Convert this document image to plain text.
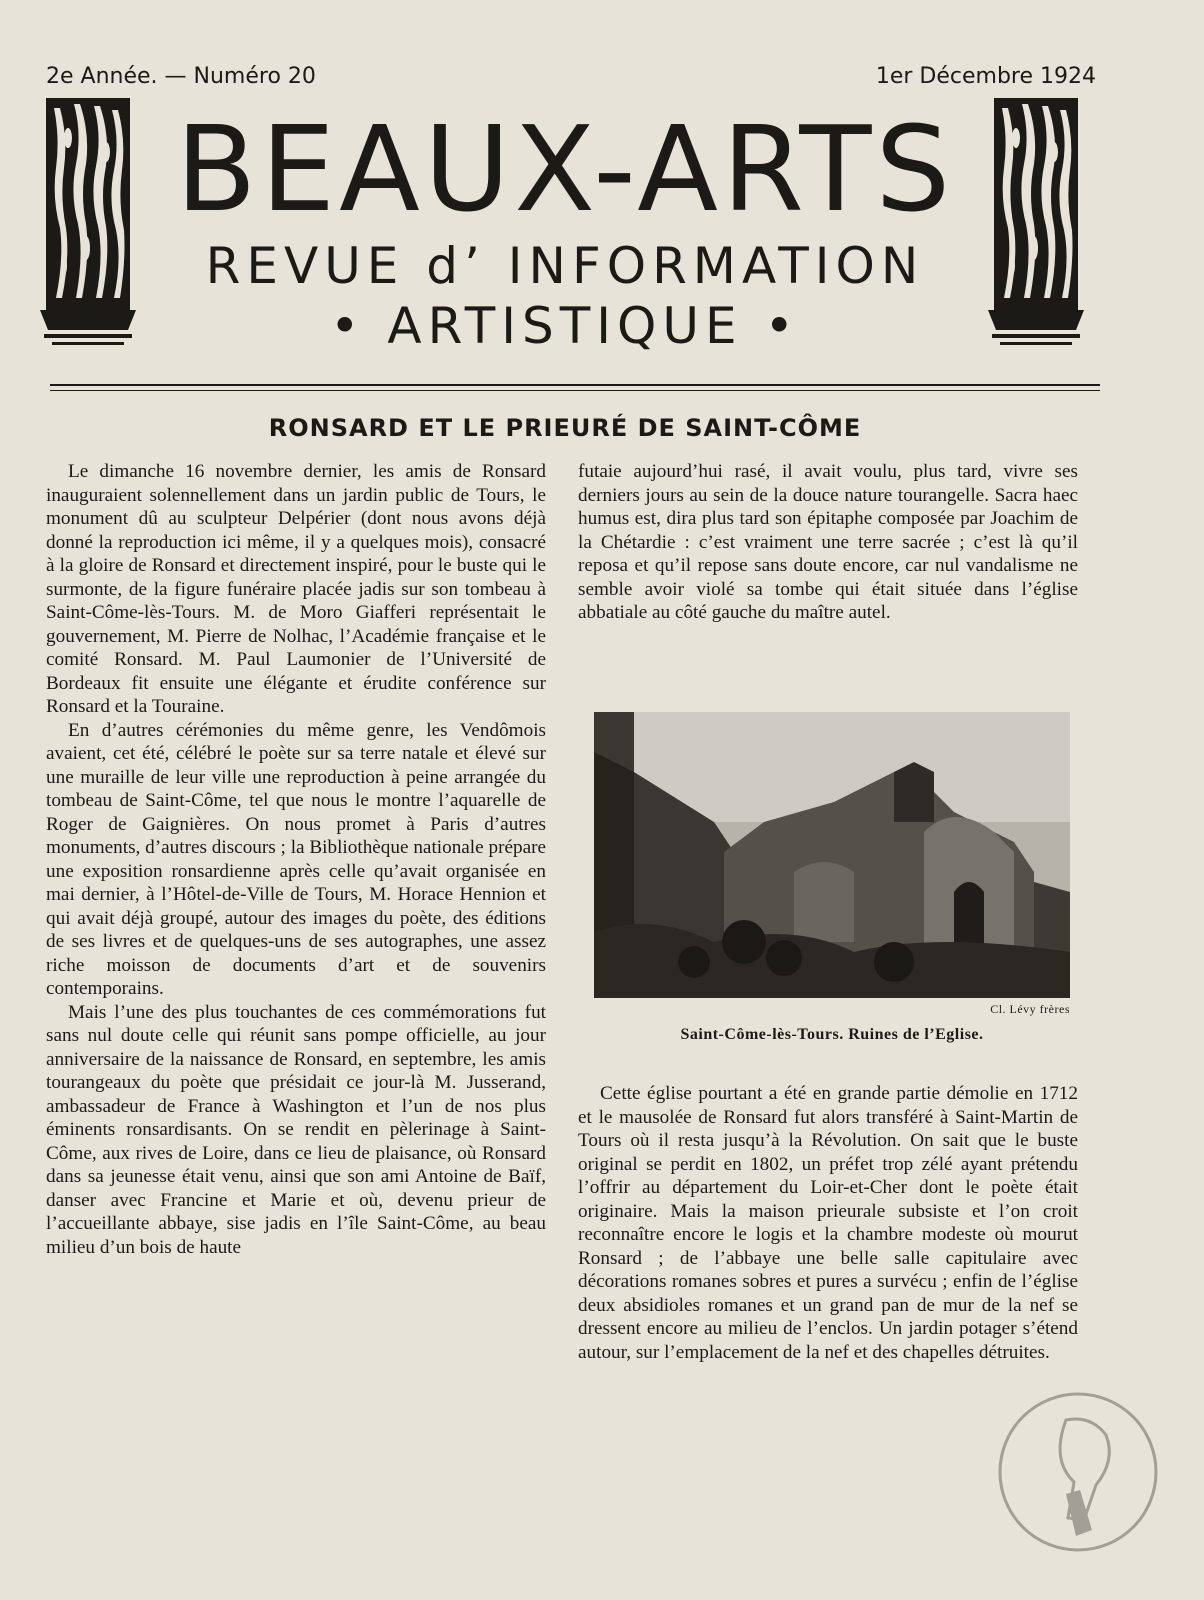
2e Année. — Numéro 20	1er Décembre 1924
BEAUX-ARTS
REVUE d’ INFORMATION
• ARTISTIQUE •
RONSARD ET LE PRIEURÉ DE SAINT-CÔME

Le dimanche 16 novembre dernier, les amis de Ronsard inauguraient solennellement dans un jardin public de Tours, le monument dû au sculpteur Delpérier (dont nous avons déjà donné la reproduction ici même, il y a quelques mois), consacré à la gloire de Ronsard et directement inspiré, pour le buste qui le surmonte, de la figure funéraire placée jadis sur son tombeau à Saint-Côme-lès-Tours. M. de Moro Giafferi représentait le gouvernement, M. Pierre de Nolhac, l’Académie française et le comité Ronsard. M. Paul Laumonier de l’Université de Bordeaux fit ensuite une élégante et érudite conférence sur Ronsard et la Touraine.

En d’autres cérémonies du même genre, les Vendômois avaient, cet été, célébré le poète sur sa terre natale et élevé sur une muraille de leur ville une reproduction à peine arrangée du tombeau de Saint-Côme, tel que nous le montre l’aquarelle de Roger de Gaignières. On nous promet à Paris d’autres monuments, d’autres discours ; la Bibliothèque nationale prépare une exposition ronsardienne après celle qu’avait organisée en mai dernier, à l’Hôtel-de-Ville de Tours, M. Horace Hennion et qui avait déjà groupé, autour des images du poète, des éditions de ses livres et de quelques-uns de ses autographes, une assez riche moisson de documents d’art et de souvenirs contemporains.

Mais l’une des plus touchantes de ces commémorations fut sans nul doute celle qui réunit sans pompe officielle, au jour anniversaire de la naissance de Ronsard, en septembre, les amis tourangeaux du poète que présidait ce jour-là M. Jusserand, ambassadeur de France à Washington et l’un de nos plus éminents ronsardisants. On se rendit en pèlerinage à Saint-Côme, aux rives de Loire, dans ce lieu de plaisance, où Ronsard dans sa jeunesse était venu, ainsi que son ami Antoine de Baïf, danser avec Francine et Marie et où, devenu prieur de l’accueillante abbaye, sise jadis en l’île Saint-Côme, au beau milieu d’un bois de haute

futaie aujourd’hui rasé, il avait voulu, plus tard, vivre ses derniers jours au sein de la douce nature tourangelle. Sacra haec humus est, dira plus tard son épitaphe composée par Joachim de la Chétardie : c’est vraiment une terre sacrée ; c’est là qu’il reposa et qu’il repose sans doute encore, car nul vandalisme ne semble avoir violé sa tombe qui était située dans l’église abbatiale au côté gauche du maître autel.

Cl. Lévy frères
Saint-Côme-lès-Tours. Ruines de l’Eglise.

Cette église pourtant a été en grande partie démolie en 1712 et le mausolée de Ronsard fut alors transféré à Saint-Martin de Tours où il resta jusqu’à la Révolution. On sait que le buste original se perdit en 1802, un préfet trop zélé ayant prétendu l’offrir au département du Loir-et-Cher dont le poète était originaire. Mais la maison prieurale subsiste et l’on croit reconnaître encore le logis et la chambre modeste où mourut Ronsard ; de l’abbaye une belle salle capitulaire avec décorations romanes sobres et pures a survécu ; enfin de l’église deux absidioles romanes et un grand pan de mur de la nef se dressent encore au milieu de l’enclos. Un jardin potager s’étend autour, sur l’emplacement de la nef et des chapelles détruites.
